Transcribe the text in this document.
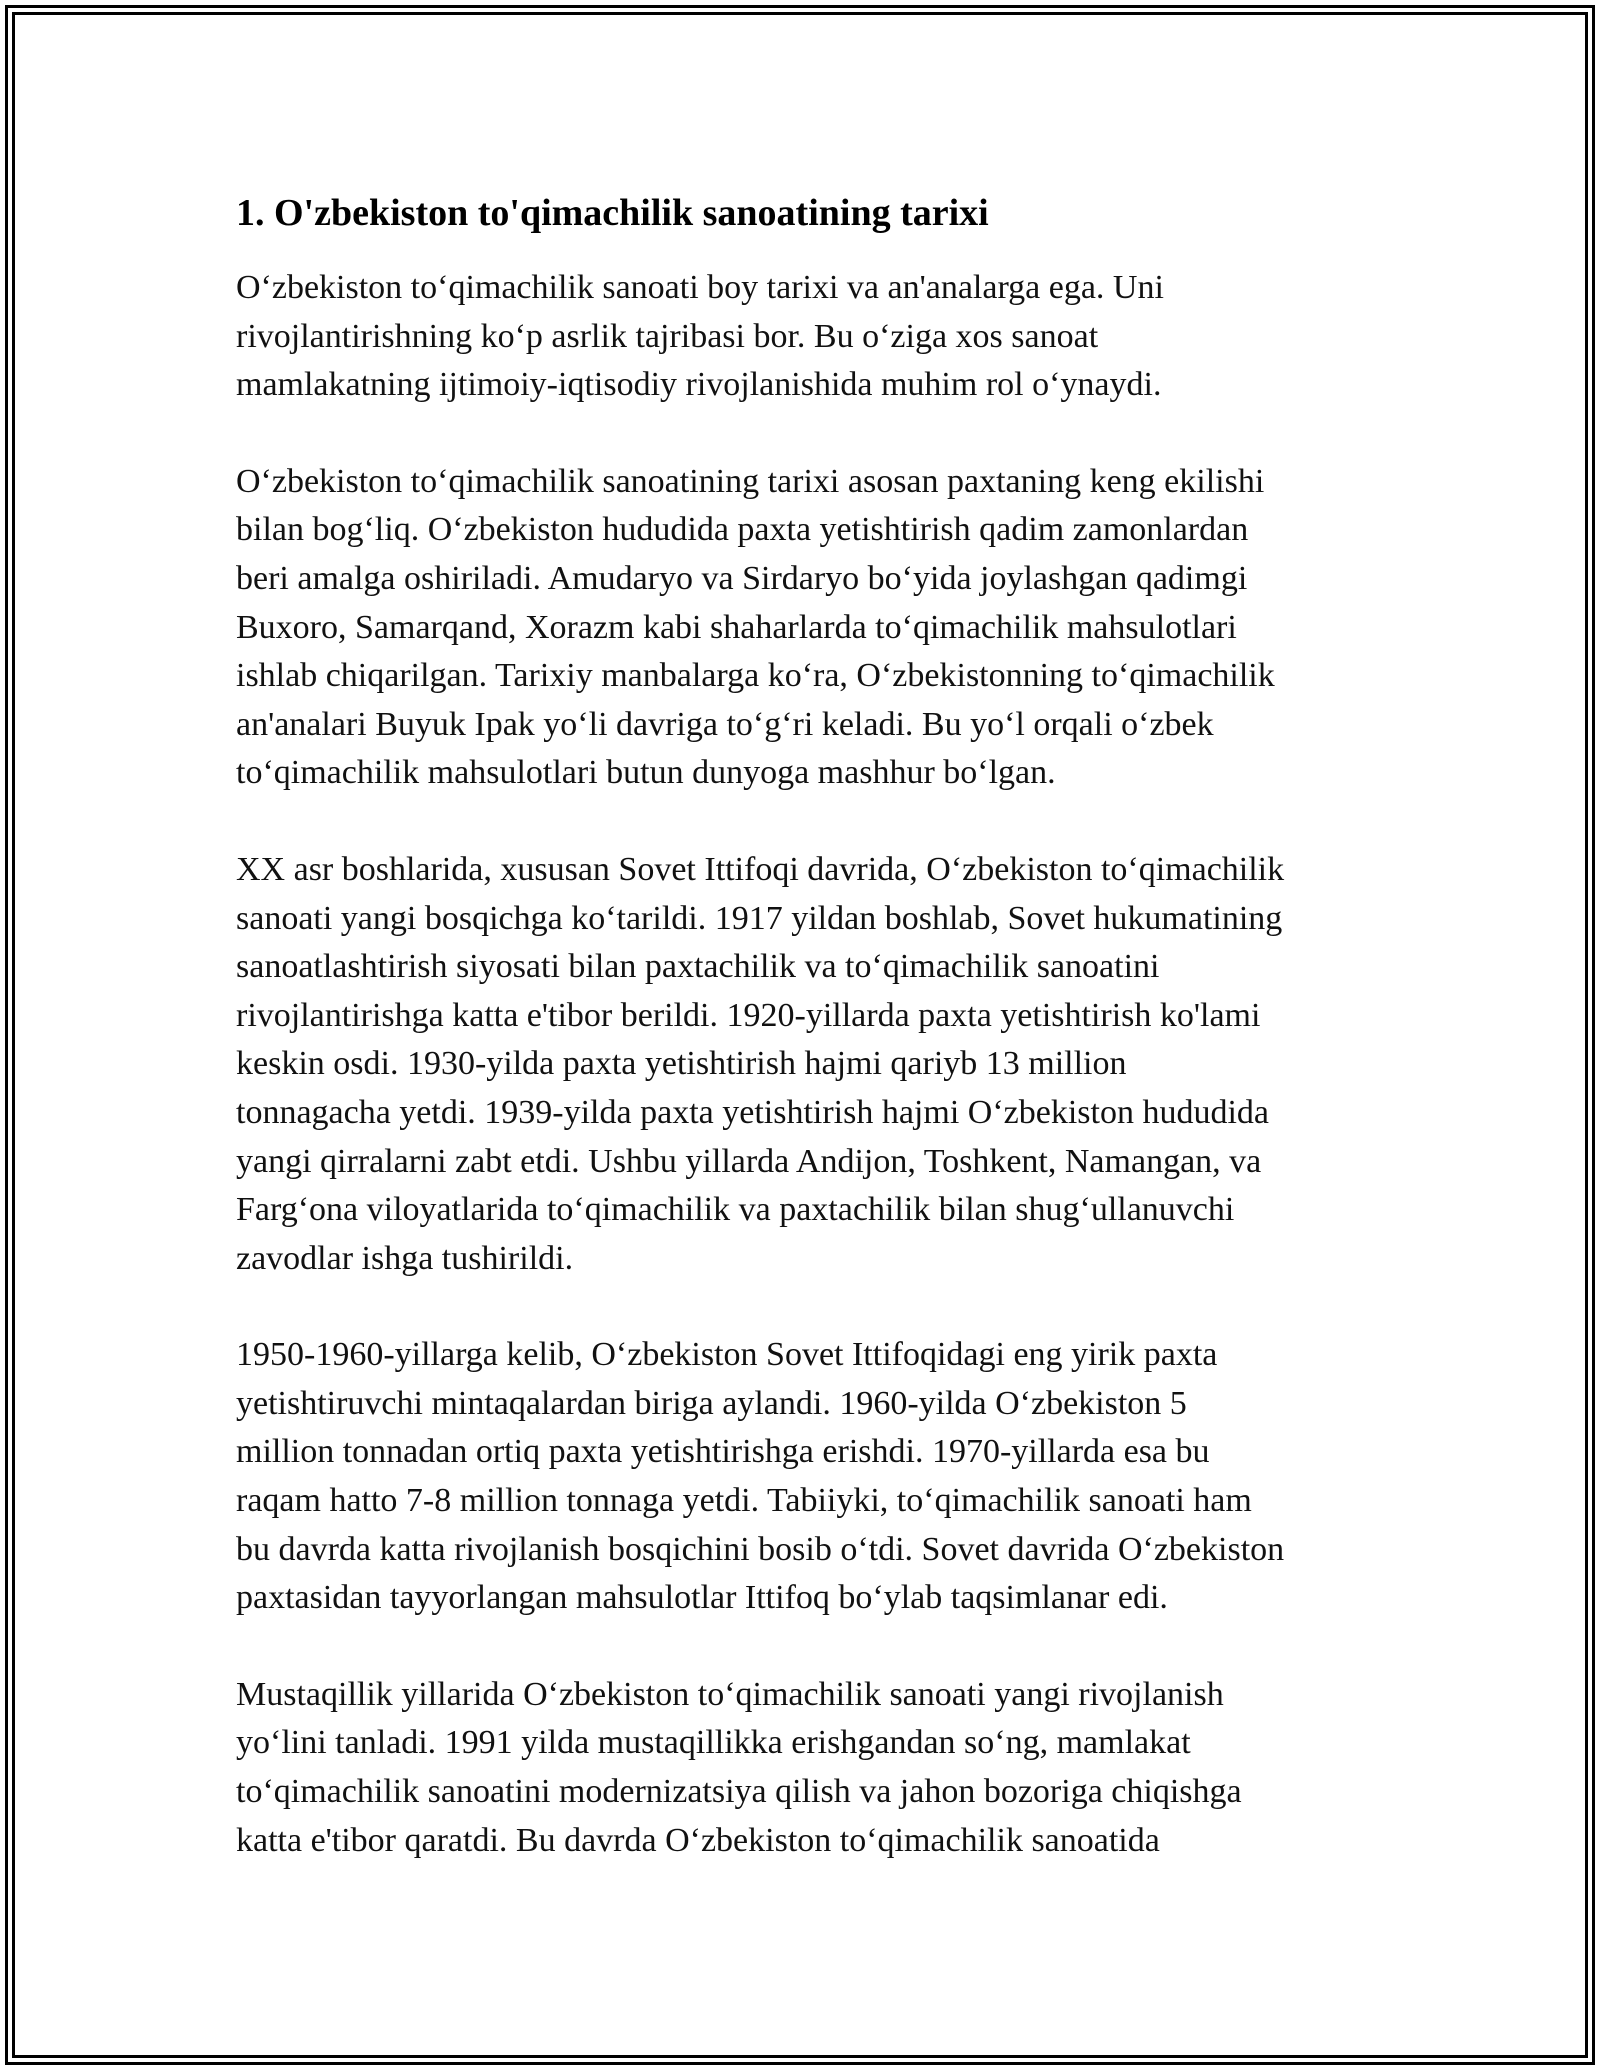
1. O'zbekiston to'qimachilik sanoatining tarixi

O‘zbekiston to‘qimachilik sanoati boy tarixi va an'analarga ega. Uni
rivojlantirishning ko‘p asrlik tajribasi bor. Bu o‘ziga xos sanoat
mamlakatning ijtimoiy-iqtisodiy rivojlanishida muhim rol o‘ynaydi.

O‘zbekiston to‘qimachilik sanoatining tarixi asosan paxtaning keng ekilishi
bilan bog‘liq. O‘zbekiston hududida paxta yetishtirish qadim zamonlardan
beri amalga oshiriladi. Amudaryo va Sirdaryo bo‘yida joylashgan qadimgi
Buxoro, Samarqand, Xorazm kabi shaharlarda to‘qimachilik mahsulotlari
ishlab chiqarilgan. Tarixiy manbalarga ko‘ra, O‘zbekistonning to‘qimachilik
an'analari Buyuk Ipak yo‘li davriga to‘g‘ri keladi. Bu yo‘l orqali o‘zbek
to‘qimachilik mahsulotlari butun dunyoga mashhur bo‘lgan.

XX asr boshlarida, xususan Sovet Ittifoqi davrida, O‘zbekiston to‘qimachilik
sanoati yangi bosqichga ko‘tarildi. 1917 yildan boshlab, Sovet hukumatining
sanoatlashtirish siyosati bilan paxtachilik va to‘qimachilik sanoatini
rivojlantirishga katta e'tibor berildi. 1920-yillarda paxta yetishtirish ko'lami
keskin osdi. 1930-yilda paxta yetishtirish hajmi qariyb 13 million
tonnagacha yetdi. 1939-yilda paxta yetishtirish hajmi O‘zbekiston hududida
yangi qirralarni zabt etdi. Ushbu yillarda Andijon, Toshkent, Namangan, va
Farg‘ona viloyatlarida to‘qimachilik va paxtachilik bilan shug‘ullanuvchi
zavodlar ishga tushirildi.

1950-1960-yillarga kelib, O‘zbekiston Sovet Ittifoqidagi eng yirik paxta
yetishtiruvchi mintaqalardan biriga aylandi. 1960-yilda O‘zbekiston 5
million tonnadan ortiq paxta yetishtirishga erishdi. 1970-yillarda esa bu
raqam hatto 7-8 million tonnaga yetdi. Tabiiyki, to‘qimachilik sanoati ham
bu davrda katta rivojlanish bosqichini bosib o‘tdi. Sovet davrida O‘zbekiston
paxtasidan tayyorlangan mahsulotlar Ittifoq bo‘ylab taqsimlanar edi.

Mustaqillik yillarida O‘zbekiston to‘qimachilik sanoati yangi rivojlanish
yo‘lini tanladi. 1991 yilda mustaqillikka erishgandan so‘ng, mamlakat
to‘qimachilik sanoatini modernizatsiya qilish va jahon bozoriga chiqishga
katta e'tibor qaratdi. Bu davrda O‘zbekiston to‘qimachilik sanoatida
